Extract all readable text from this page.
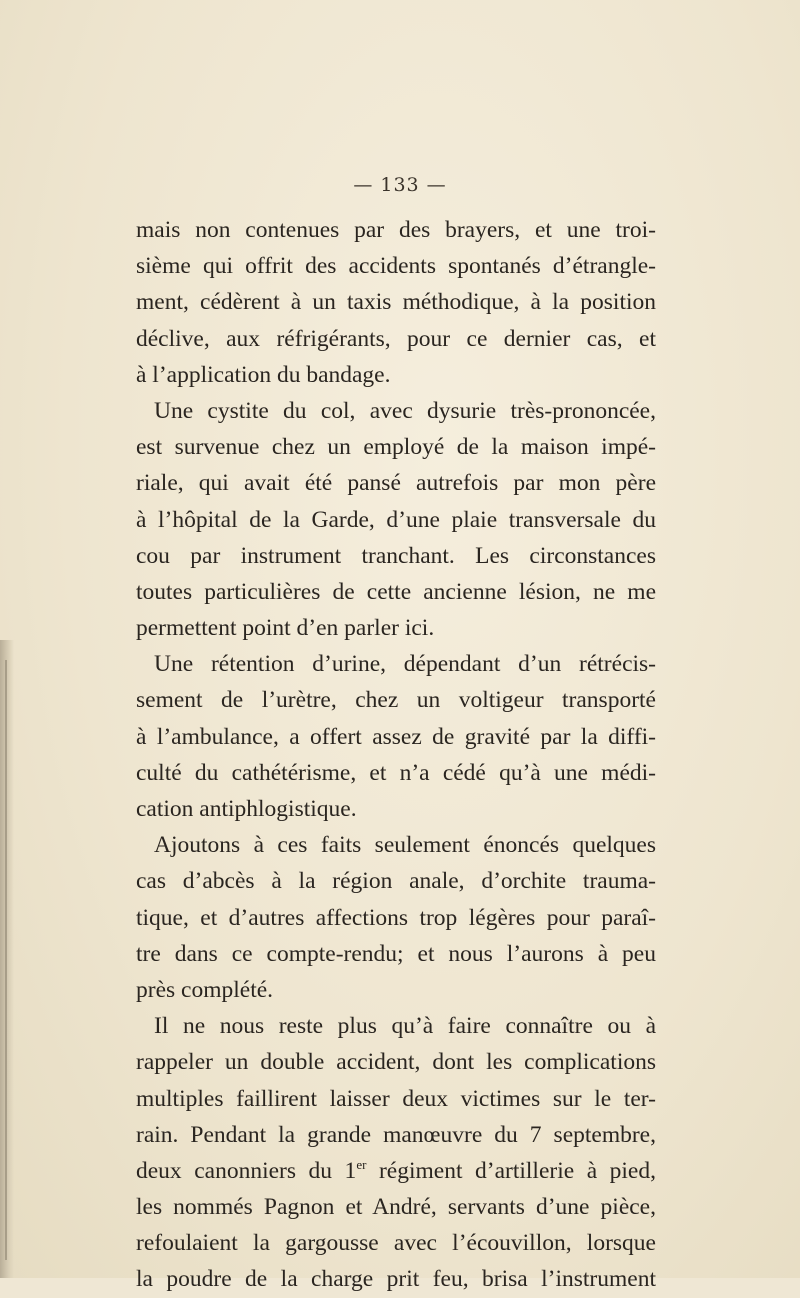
— 133 —
mais non contenues par des brayers, et une troi-
sième qui offrit des accidents spontanés d’étrangle-
ment, cédèrent à un taxis méthodique, à la position
déclive, aux réfrigérants, pour ce dernier cas, et
à l’application du bandage.
Une cystite du col, avec dysurie très-prononcée,
est survenue chez un employé de la maison impé-
riale, qui avait été pansé autrefois par mon père
à l’hôpital de la Garde, d’une plaie transversale du
cou par instrument tranchant. Les circonstances
toutes particulières de cette ancienne lésion, ne me
permettent point d’en parler ici.
Une rétention d’urine, dépendant d’un rétrécis-
sement de l’urètre, chez un voltigeur transporté
à l’ambulance, a offert assez de gravité par la diffi-
culté du cathétérisme, et n’a cédé qu’à une médi-
cation antiphlogistique.
Ajoutons à ces faits seulement énoncés quelques
cas d’abcès à la région anale, d’orchite trauma-
tique, et d’autres affections trop légères pour paraî-
tre dans ce compte-rendu; et nous l’aurons à peu
près complété.
Il ne nous reste plus qu’à faire connaître ou à
rappeler un double accident, dont les complications
multiples faillirent laisser deux victimes sur le ter-
rain. Pendant la grande manœuvre du 7 septembre,
deux canonniers du 1er régiment d’artillerie à pied,
les nommés Pagnon et André, servants d’une pièce,
refoulaient la gargousse avec l’écouvillon, lorsque
la poudre de la charge prit feu, brisa l’instrument
